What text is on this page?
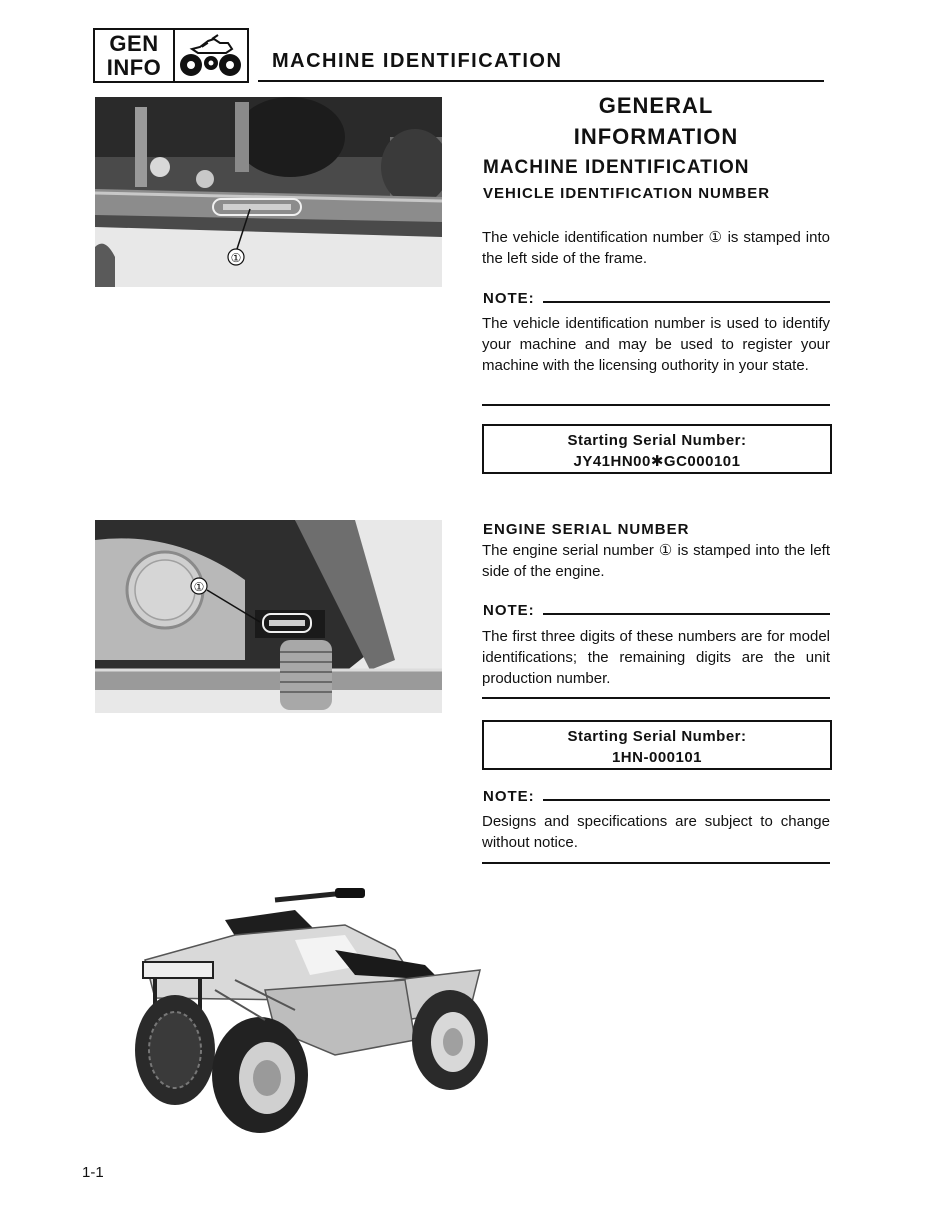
GEN
INFO	MACHINE IDENTIFICATION
①
GENERAL
INFORMATION
MACHINE IDENTIFICATION
VEHICLE IDENTIFICATION NUMBER
The vehicle identification number ① is stamped into the left side of the frame.
NOTE:
The vehicle identification number is used to identify your machine and may be used to register your machine with the licensing outhority in your state.
Starting Serial Number:
JY41HN00✱GC000101
①
ENGINE SERIAL NUMBER
The engine serial number ① is stamped into the left side of the engine.
NOTE:
The first three digits of these numbers are for model identifications; the remaining digits are the unit production number.
Starting Serial Number:
1HN-000101
NOTE:
Designs and specifications are subject to change without notice.
1-1
